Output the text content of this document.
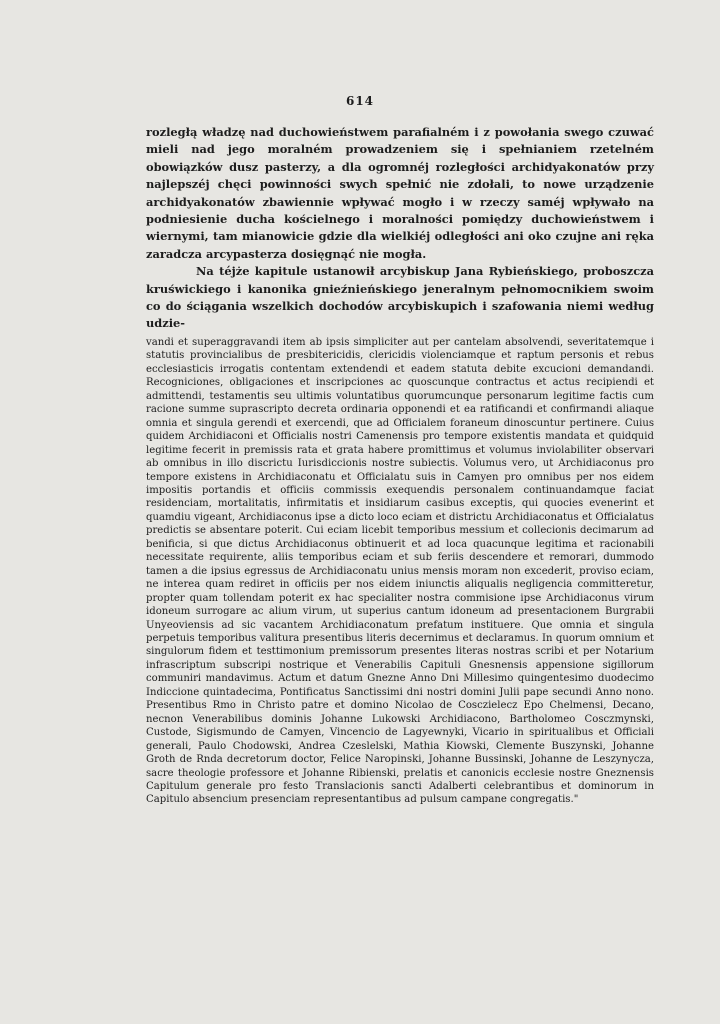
614

rozległą władzę nad duchowieństwem parafialném i z powołania swego czuwać mieli nad jego moralném prowadzeniem się i spełnianiem rzetelném obowiązków dusz pasterzy, a dla ogromnéj rozległości archidyakonatów przy najlepszéj chęci powinności swych spełnić nie zdołali, to nowe urządzenie archidyakonatów zbawiennie wpływać mogło i w rzeczy saméj wpływało na podniesienie ducha kościelnego i moralności pomiędzy duchowieństwem i wiernymi, tam mianowicie gdzie dla wielkiéj odległości ani oko czujne ani ręka zaradcza arcypasterza dosięgnąć nie mogła.

Na téjże kapitule ustanowił arcybiskup Jana Rybieńskiego, proboszcza kruświckiego i kanonika gnieźnieńskiego jeneralnym pełnomocnikiem swoim co do ściągania wszelkich dochodów arcybiskupich i szafowania niemi według udzie-

vandi et superaggravandi item ab ipsis simpliciter aut per cantelam absolvendi, severitatemque i statutis provincialibus de presbitericidis, clericidis violenciamque et raptum personis et rebus ecclesiasticis irrogatis contentam extendendi et eadem statuta debite excucioni demandandi. Recogniciones, obligaciones et inscripciones ac quoscunque contractus et actus recipiendi et admittendi, testamentis seu ultimis voluntatibus quorumcunque personarum legitime factis cum racione summe suprascripto decreta ordinaria opponendi et ea ratificandi et confirmandi aliaque omnia et singula gerendi et exercendi, que ad Officialem foraneum dinoscuntur pertinere. Cuius quidem Archidiaconi et Officialis nostri Camenensis pro tempore existentis mandata et quidquid legitime fecerit in premissis rata et grata habere promittimus et volumus inviolabiliter observari ab omnibus in illo discrictu Iurisdiccionis nostre subiectis. Volumus vero, ut Archidiaconus pro tempore existens in Archidiaconatu et Officialatu suis in Camyen pro omnibus per nos eidem impositis portandis et officiis commissis exequendis personalem continuandamque faciat residenciam, mortalitatis, infirmitatis et insidiarum casibus exceptis, qui quocies evenerint et quamdiu vigeant, Archidiaconus ipse a dicto loco eciam et districtu Archidiaconatus et Officialatus predictis se absentare poterit. Cui eciam licebit temporibus messium et collecionis decimarum ad benificia, si que dictus Archidiaconus obtinuerit et ad loca quacunque legitima et racionabili necessitate requirente, aliis temporibus eciam et sub feriis descendere et remorari, dummodo tamen a die ipsius egressus de Archidiaconatu unius mensis moram non excederit, proviso eciam, ne interea quam rediret in officiis per nos eidem iniunctis aliqualis negligencia committeretur, propter quam tollendam poterit ex hac specialiter nostra commisione ipse Archidiaconus virum idoneum surrogare ac alium virum, ut superius cantum idoneum ad presentacionem Burgrabii Unyeoviensis ad sic vacantem Archidiaconatum prefatum instituere. Que omnia et singula perpetuis temporibus valitura presentibus literis decernimus et declaramus. In quorum omnium et singulorum fidem et testtimonium premissorum presentes literas nostras scribi et per Notarium infrascriptum subscripi nostrique et Venerabilis Capituli Gnesnensis appensione sigillorum communiri mandavimus. Actum et datum Gnezne Anno Dni Millesimo quingentesimo duodecimo Indiccione quintadecima, Pontificatus Sanctissimi dni nostri domini Julii pape secundi Anno nono. Presentibus Rmo in Christo patre et domino Nicolao de Cosczielecz Epo Chelmensi, Decano, necnon Venerabilibus dominis Johanne Lukowski Archidiacono, Bartholomeo Cosczmynski, Custode, Sigismundo de Camyen, Vincencio de Lagyewnyki, Vicario in spiritualibus et Officiali generali, Paulo Chodowski, Andrea Czeslelski, Mathia Kiowski, Clemente Buszynski, Johanne Groth de Rnda decretorum doctor, Felice Naropinski, Johanne Bussinski, Johanne de Leszynycza, sacre theologie professore et Johanne Ribienski, prelatis et canonicis ecclesie nostre Gneznensis Capitulum generale pro festo Translacionis sancti Adalberti celebrantibus et dominorum in Capitulo absencium presenciam representantibus ad pulsum campane congregatis."
